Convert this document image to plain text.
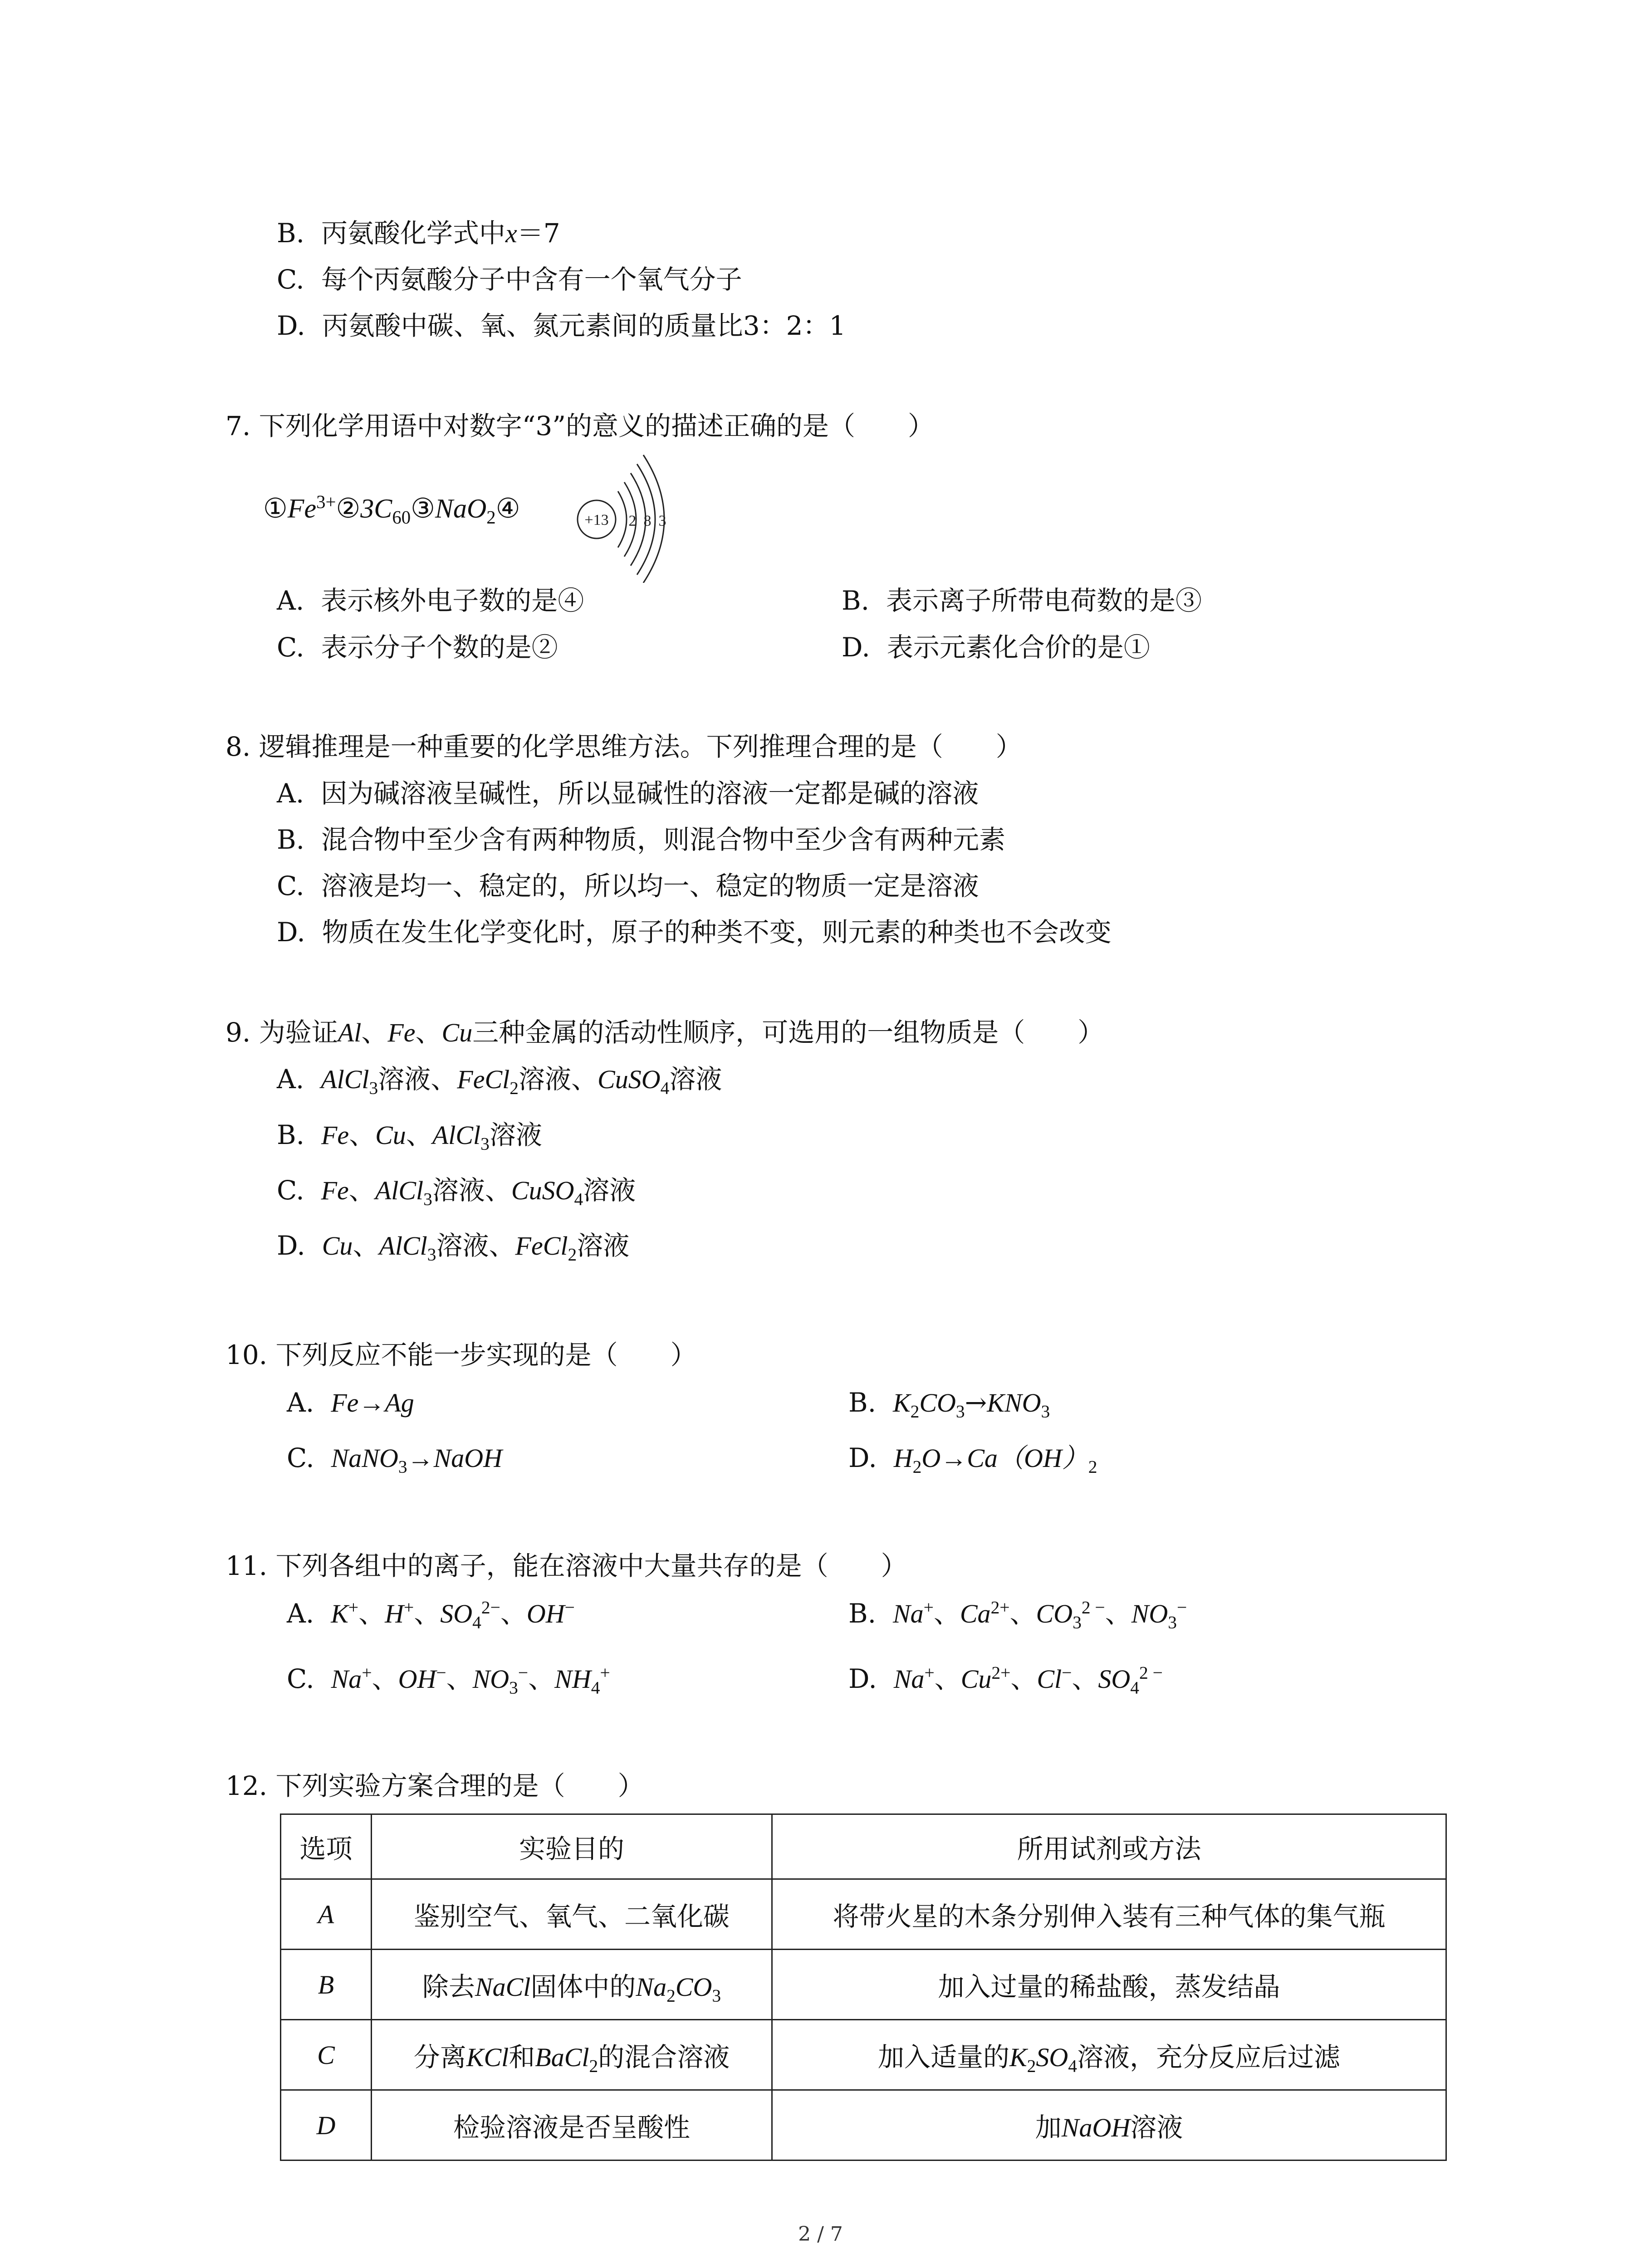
B. 丙氨酸化学式中x＝7
C. 每个丙氨酸分子中含有一个氧气分子
D. 丙氨酸中碳、氧、氮元素间的质量比3：2：1
7. 下列化学用语中对数字“3”的意义的描述正确的是（　　）
$①Fe^{3+}②3C_{60}③NaO_2④$	+13 2 8 3
A. 表示核外电子数的是④	B. 表示离子所带电荷数的是③
C. 表示分子个数的是②	D. 表示元素化合价的是①
8. 逻辑推理是一种重要的化学思维方法。下列推理合理的是（　　）
A. 因为碱溶液呈碱性，所以显碱性的溶液一定都是碱的溶液
B. 混合物中至少含有两种物质，则混合物中至少含有两种元素
C. 溶液是均一、稳定的，所以均一、稳定的物质一定是溶液
D. 物质在发生化学变化时，原子的种类不变，则元素的种类也不会改变
9. 为验证Al、Fe、Cu三种金属的活动性顺序，可选用的一组物质是（　　）
A. AlCl$_3$溶液、FeCl$_2$溶液、CuSO$_4$溶液
B. Fe、Cu、AlCl$_3$溶液
C. Fe、AlCl$_3$溶液、CuSO$_4$溶液
D. Cu、AlCl$_3$溶液、FeCl$_2$溶液
10. 下列反应不能一步实现的是（　　）
A. Fe→Ag	B. $K_2CO_3\to KNO_3$
C. NaNO$_3$→NaOH	D. $H_2O\to Ca(OH)_2$
11. 下列各组中的离子，能在溶液中大量共存的是（　　）
A. K+、H+、$SO_4^{2-}$、OH−	B. Na+、$Ca^{2+}$、$CO_3^{2 -}$、$NO_3^-$
C. Na+、OH−、$NO_3^-$、$NH_4^+$	D. Na+、$Cu^{2+}$、Cl−、$SO_4^{2 -}$
12. 下列实验方案合理的是（　　）
选项	实验目的	所用试剂或方法
A	鉴别空气、氧气、二氧化碳	将带火星的木条分别伸入装有三种气体的集气瓶
B	除去NaCl固体中的$Na_2CO_3$	加入过量的稀盐酸，蒸发结晶
C	分离KCl和BaCl$_2$的混合溶液	加入适量的$K_2SO_4$溶液，充分反应后过滤
D	检验溶液是否呈酸性	加NaOH溶液
2 / 7
